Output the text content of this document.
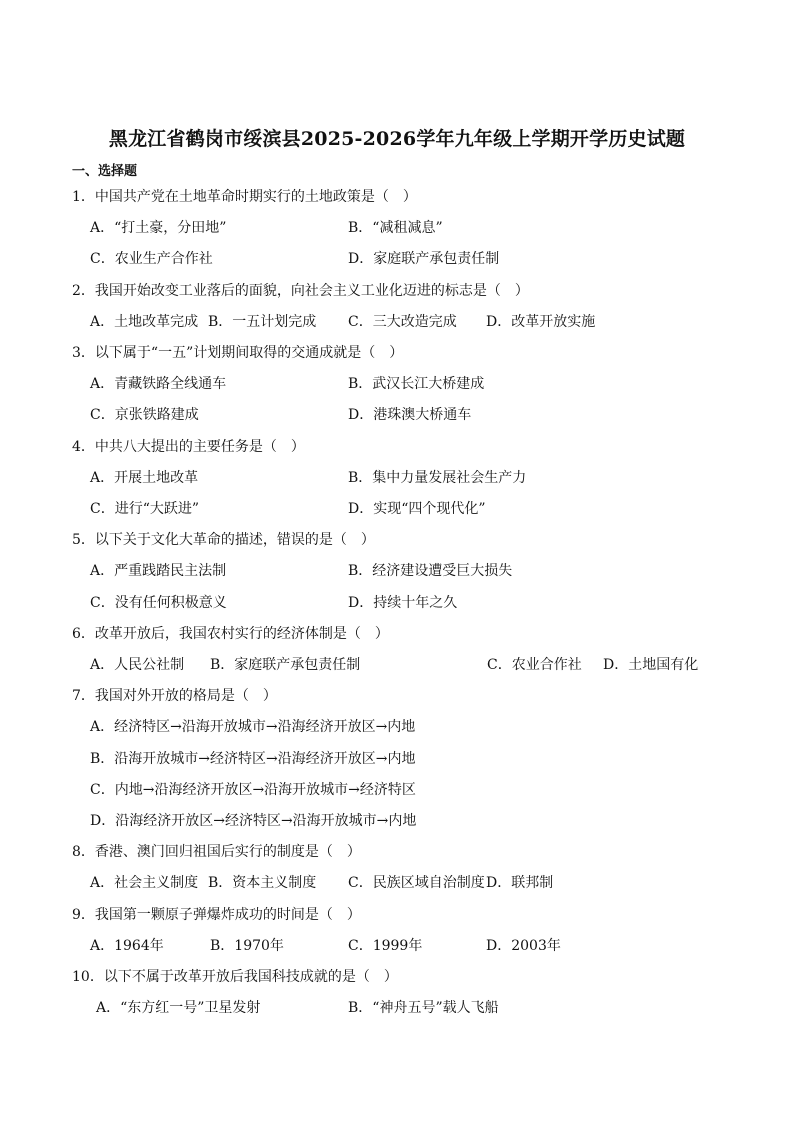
黑龙江省鹤岗市绥滨县2025-2026学年九年级上学期开学历史试题
一、选择题
1．中国共产党在土地革命时期实行的土地政策是（　）
A．“打土豪，分田地”	B．“减租减息”
C．农业生产合作社	D．家庭联产承包责任制
2．我国开始改变工业落后的面貌，向社会主义工业化迈进的标志是（　）
A．土地改革完成 B．一五计划完成 C．三大改造完成 D．改革开放实施
3．以下属于“一五”计划期间取得的交通成就是（　）
A．青藏铁路全线通车	B．武汉长江大桥建成
C．京张铁路建成	D．港珠澳大桥通车
4．中共八大提出的主要任务是（　）
A．开展土地改革	B．集中力量发展社会生产力
C．进行“大跃进”	D．实现“四个现代化”
5．以下关于文化大革命的描述，错误的是（　）
A．严重践踏民主法制	B．经济建设遭受巨大损失
C．没有任何积极意义	D．持续十年之久
6．改革开放后，我国农村实行的经济体制是（　）
A．人民公社制 B．家庭联产承包责任制	C．农业合作社 D．土地国有化
7．我国对外开放的格局是（　）
A．经济特区→沿海开放城市→沿海经济开放区→内地
B．沿海开放城市→经济特区→沿海经济开放区→内地
C．内地→沿海经济开放区→沿海开放城市→经济特区
D．沿海经济开放区→经济特区→沿海开放城市→内地
8．香港、澳门回归祖国后实行的制度是（　）
A．社会主义制度 B．资本主义制度 C．民族区域自治制度 D．联邦制
9．我国第一颗原子弹爆炸成功的时间是（　）
A．1964年	B．1970年	C．1999年	D．2003年
10．以下不属于改革开放后我国科技成就的是（　）
A．“东方红一号”卫星发射	B．“神舟五号”载人飞船
